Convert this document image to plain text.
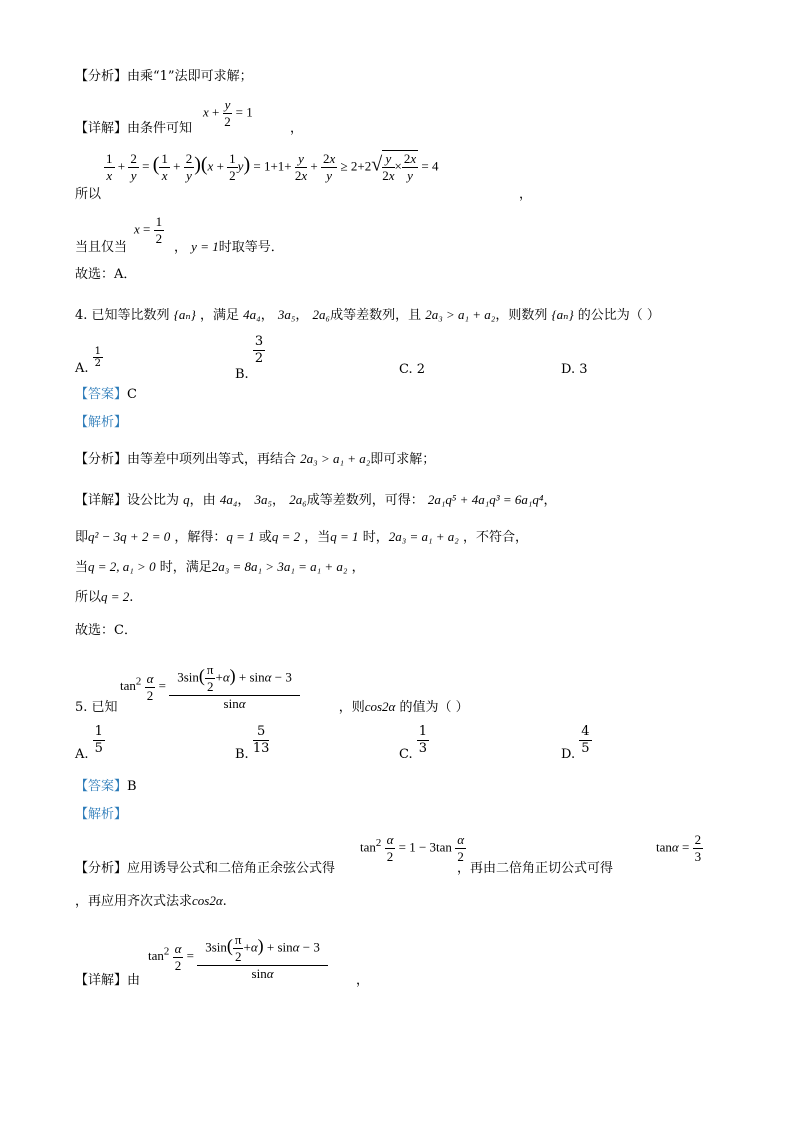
【分析】由乘“1”法即可求解；
$x + \frac{y}{2} = 1$
【详解】由条件可知	，
$\frac{1}{x} + \frac{2}{y}$ = ( $\frac{1}{x} + \frac{2}{y} )(x + \frac{1}{2} y) = 1+1+ \frac{y}{2x} + \frac{2x}{y} \ge 2+2√ \frac{y}{2x} \times \frac{2x}{y} = 4$
所以	，
$x = \frac{1}{2}$
当且仅当	， y = 1时取等号．
故选：A．
4. 已知等比数列 {aₙ} ，满足 4a₄， 3a₅， 2a₆成等差数列，且 2a₃ > a₁ + a₂，则数列 {aₙ} 的公比为（ ）
A. $\frac{1}{2}$
B.
$\frac{3}{2}$
C. 2	D. 3
【答案】C
【解析】
【分析】由等差中项列出等式，再结合 2a₃ > a₁ + a₂即可求解；
【详解】设公比为 q，由 4a₄， 3a₅， 2a₆成等差数列，可得： 2a₁q⁵ + 4a₁q³ = 6a₁q⁴，
即q² − 3q + 2 = 0 ，解得：q = 1 或q = 2 ，当q = 1 时，2a₃ = a₁ + a₂ ，不符合，
当q = 2, a₁ > 0 时，满足2a₃ = 8a₁ > 3a₁ = a₁ + a₂ ，
所以q = 2.
故选：C．
$\tan^2 \frac{\alpha}{2} = \frac{3\sin( \frac{\pi}{2} +\alpha) + \sin\alpha - 3}{\sin\alpha}$
5. 已知	，则cos2α 的值为（ ）
A. $\frac{1}{5}$	B. $\frac{5}{13}$	C. $\frac{1}{3}$	D. $\frac{4}{5}$
【答案】B
【解析】
$\tan^2 \frac{\alpha}{2} = 1 - 3\tan \frac{\alpha}{2}$	$\tan\alpha = \frac{2}{3}$
【分析】应用诱导公式和二倍角正余弦公式得	，再由二倍角正切公式可得
，再应用齐次式法求cos2α.
$\tan^2 \frac{\alpha}{2} = \frac{3\sin( \frac{\pi}{2} +\alpha) + \sin\alpha - 3}{\sin\alpha}$
【详解】由	，
